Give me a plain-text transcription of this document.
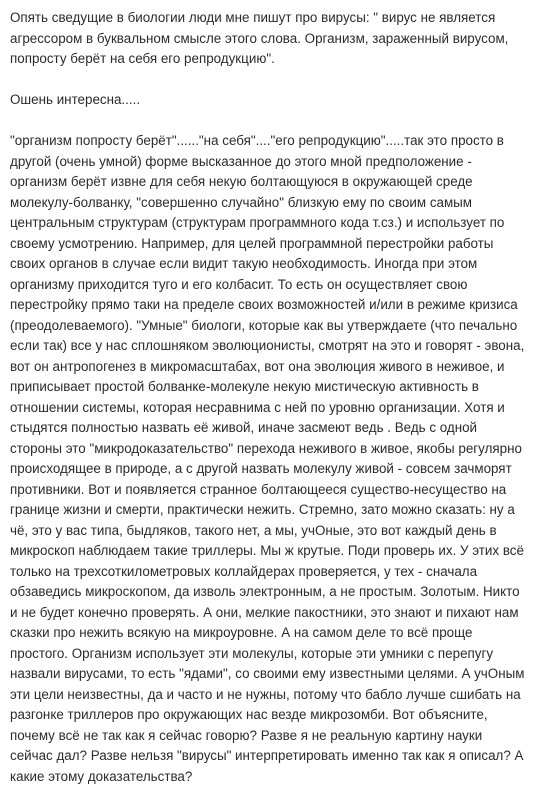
Опять сведущие в биологии люди мне пишут про вирусы: " вирус не является
агрессором в буквальном смысле этого слова. Организм, зараженный вирусом,
попросту берёт на себя его репродукцию".

Ошень интересна.....

"организм попросту берёт"......"на себя"...."его репродукцию".....так это просто в
другой (очень умной) форме высказанное до этого мной предположение -
организм берёт извне для себя некую болтающуюся в окружающей среде
молекулу-болванку, "совершенно случайно" близкую ему по своим самым
центральным структурам (структурам программного кода т.сз.) и использует по
своему усмотрению. Например, для целей программной перестройки работы
своих органов в случае если видит такую необходимость. Иногда при этом
организму приходится туго и его колбасит. То есть он осуществляет свою
перестройку прямо таки на пределе своих возможностей и/или в режиме кризиса
(преодолеваемого). "Умные" биологи, которые как вы утверждаете (что печально
если так) все у нас сплошняком эволюционисты, смотрят на это и говорят - эвона,
вот он антропогенез в микромасштабах, вот она эволюция живого в неживое, и
приписывает простой болванке-молекуле некую мистическую активность в
отношении системы, которая несравнима с ней по уровню организации. Хотя и
стыдятся полностью назвать её живой, иначе засмеют ведь . Ведь с одной
стороны это "микродоказательство" перехода неживого в живое, якобы регулярно
происходящее в природе, а с другой назвать молекулу живой - совсем зачморят
противники. Вот и появляется странное болтающееся существо-несущество на
границе жизни и смерти, практически нежить. Стремно, зато можно сказать: ну а
чё, это у вас типа, быдляков, такого нет, а мы, учОные, это вот каждый день в
микроскоп наблюдаем такие триллеры. Мы ж крутые. Поди проверь их. У этих всё
только на трехсоткилометровых коллайдерах проверяется, у тех - сначала
обзаведись микроскопом, да изволь электронным, а не простым. Золотым. Никто
и не будет конечно проверять. А они, мелкие пакостники, это знают и пихают нам
сказки про нежить всякую на микроуровне. А на самом деле то всё проще
простого. Организм использует эти молекулы, которые эти умники с перепугу
назвали вирусами, то есть "ядами", со своими ему известными целями. А учОным
эти цели неизвестны, да и часто и не нужны, потому что бабло лучше сшибать на
разгонке триллеров про окружающих нас везде микрозомби. Вот объясните,
почему всё не так как я сейчас говорю? Разве я не реальную картину науки
сейчас дал? Разве нельзя "вирусы" интерпретировать именно так как я описал? А
какие этому доказательства?
